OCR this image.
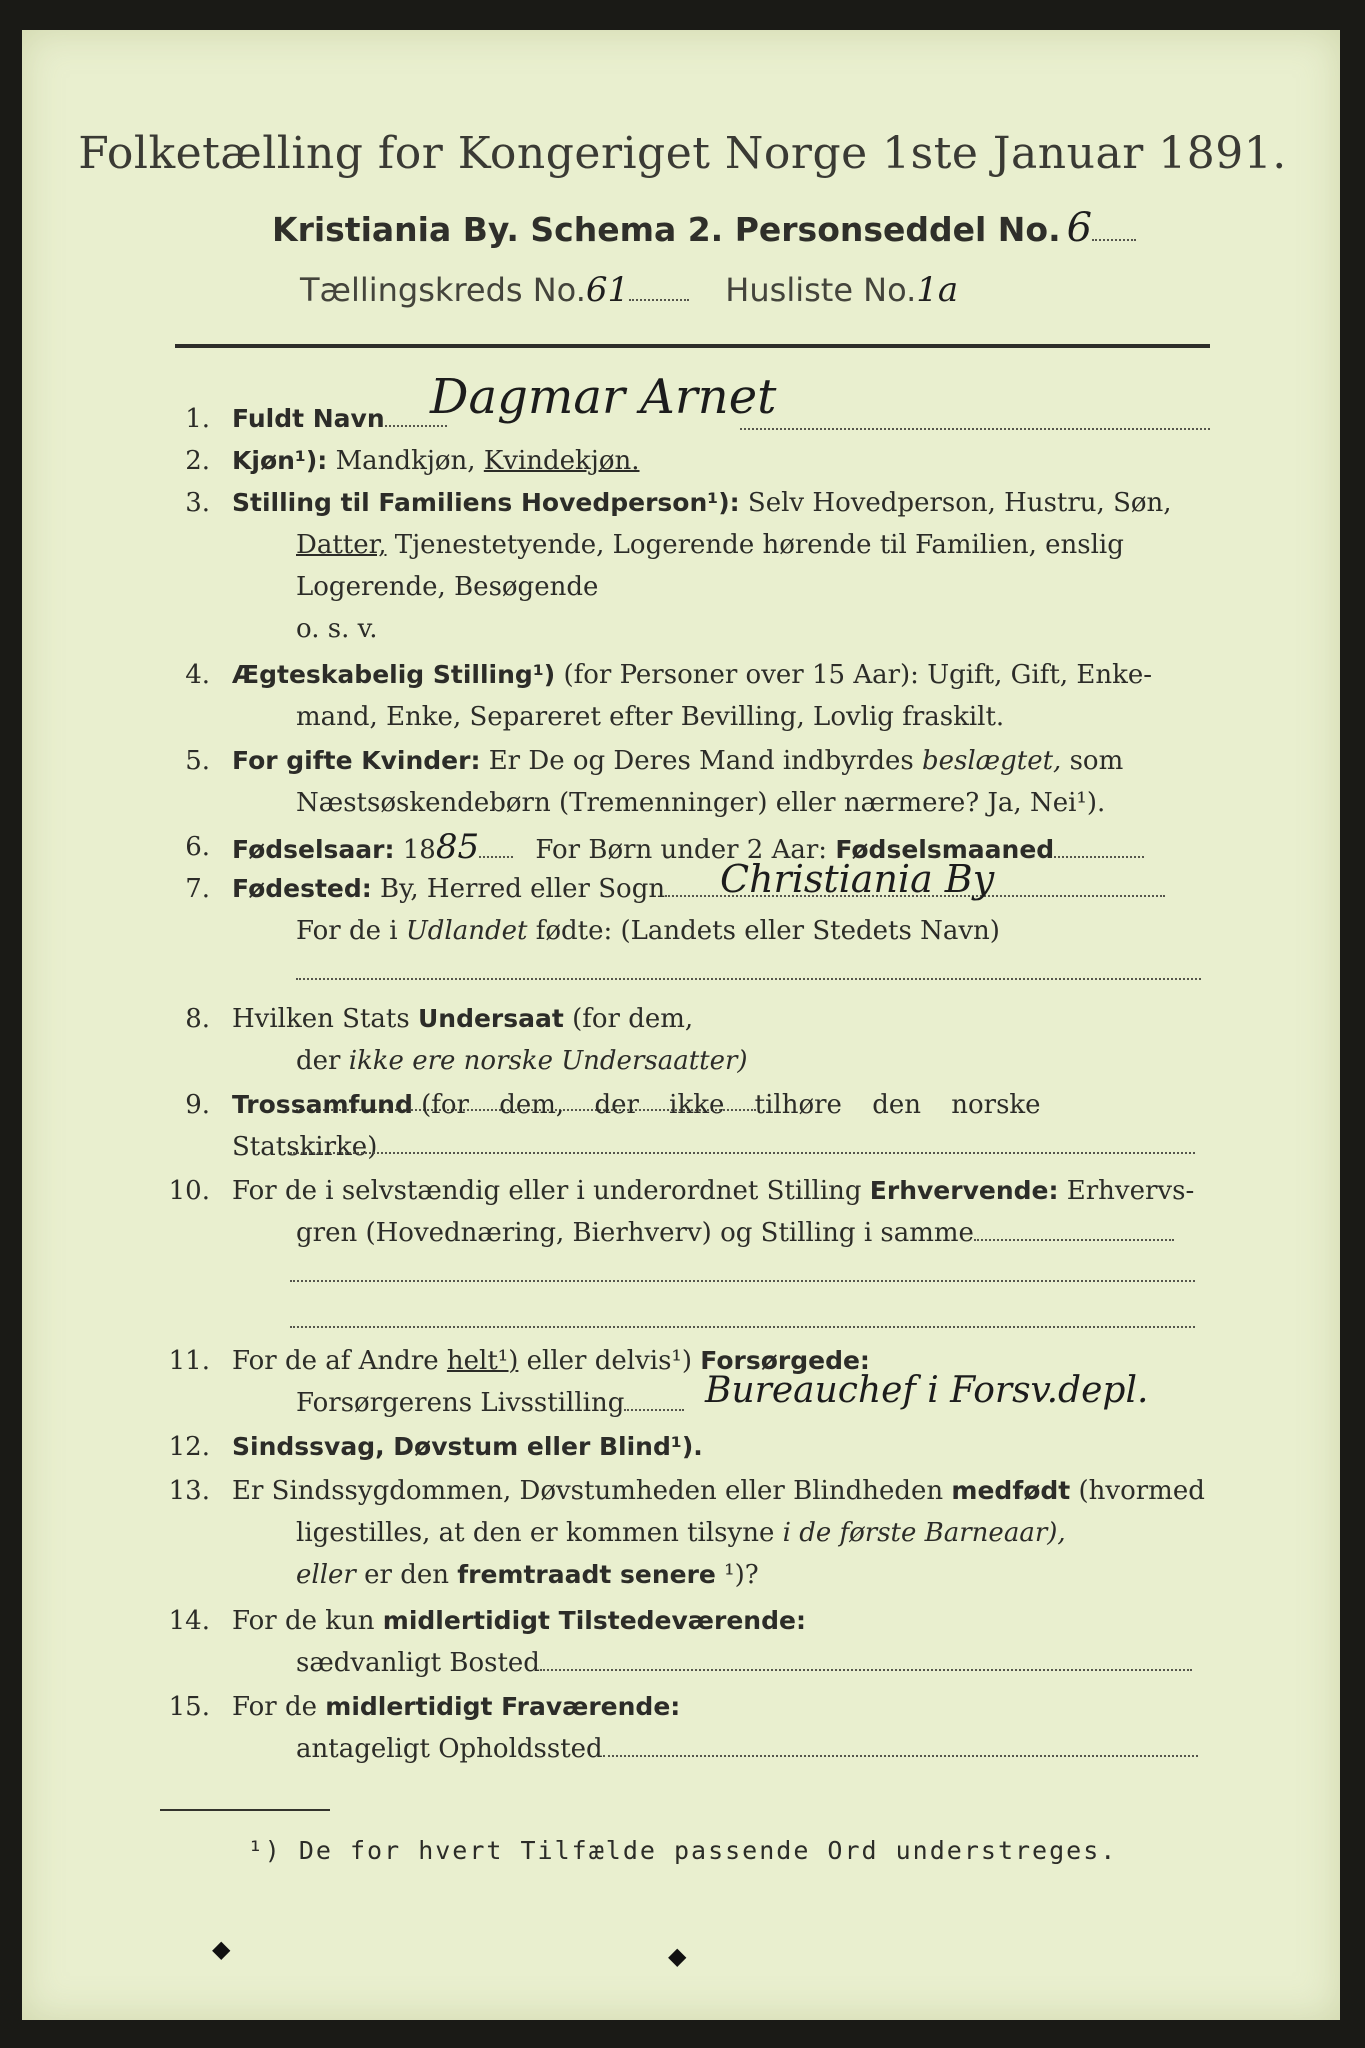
Folketælling for Kongeriget Norge 1ste Januar 1891.
Kristiania By. Schema 2. Personseddel No. 6
Tællingskreds No.61	Husliste No.1a
1. Fuldt Navn Dagmar Arnet
2. Kjøn¹): Mandkjøn, Kvindekjøn.
3. Stilling til Familiens Hovedperson¹): Selv Hovedperson, Hustru, Søn,
Datter, Tjenestetyende, Logerende hørende til Familien, enslig
Logerende, Besøgende
o. s. v.
4. Ægteskabelig Stilling¹) (for Personer over 15 Aar): Ugift, Gift, Enke-
mand, Enke, Separeret efter Bevilling, Lovlig fraskilt.
5. For gifte Kvinder: Er De og Deres Mand indbyrdes beslægtet, som
Næstsøskendebørn (Tremenninger) eller nærmere? Ja, Nei¹).
6. Fødselsaar: 1885 For Børn under 2 Aar: Fødselsmaaned
7. Fødested: By, Herred eller Sogn	Christiania By
For de i Udlandet fødte: (Landets eller Stedets Navn)
8. Hvilken Stats Undersaat (for dem,
der ikke ere norske Undersaatter)
9. Trossamfund (for dem, der ikke tilhøre den norske Statskirke)
10. For de i selvstændig eller i underordnet Stilling Erhvervende: Erhvervs-
gren (Hovednæring, Bierhverv) og Stilling i samme
11. For de af Andre helt¹) eller delvis¹) Forsørgede:
Forsørgerens Livsstilling	Bureauchef i Forsv.depl.
12. Sindssvag, Døvstum eller Blind¹).
13. Er Sindssygdommen, Døvstumheden eller Blindheden medfødt (hvormed
ligestilles, at den er kommen tilsyne i de første Barneaar),
eller er den fremtraadt senere ¹)?
14. For de kun midlertidigt Tilstedeværende:
sædvanligt Bosted
15. For de midlertidigt Fraværende:
antageligt Opholdssted
¹) De for hvert Tilfælde passende Ord understreges.
◆	◆
